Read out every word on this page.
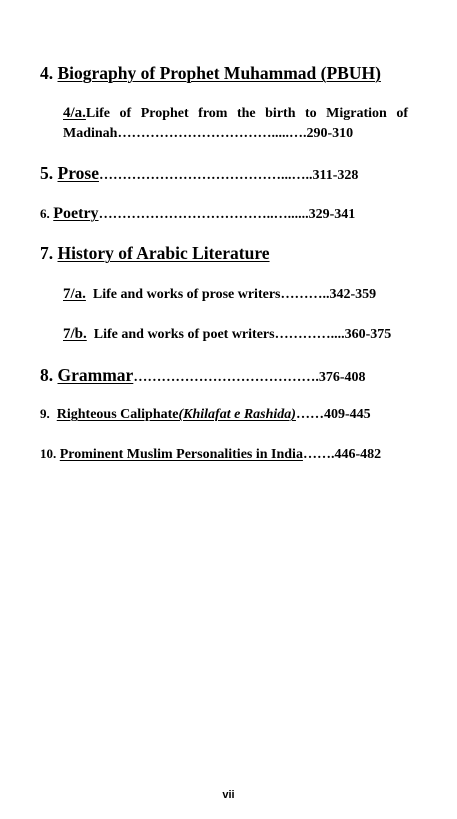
4. Biography of Prophet Muhammad (PBUH)
4/a.Life of Prophet from the birth to Migration of Madinah…………………………….....….290-310
5. Prose…………………………………...…..311-328
6. Poetry………………………………..…......329-341
7. History of Arabic Literature
7/a. Life and works of prose writers………..342-359
7/b. Life and works of poet writers…………....360-375
8. Grammar………………………………….376-408
9. Righteous Caliphate(Khilafat e Rashida)……409-445
10. Prominent Muslim Personalities in India…….446-482
vii
